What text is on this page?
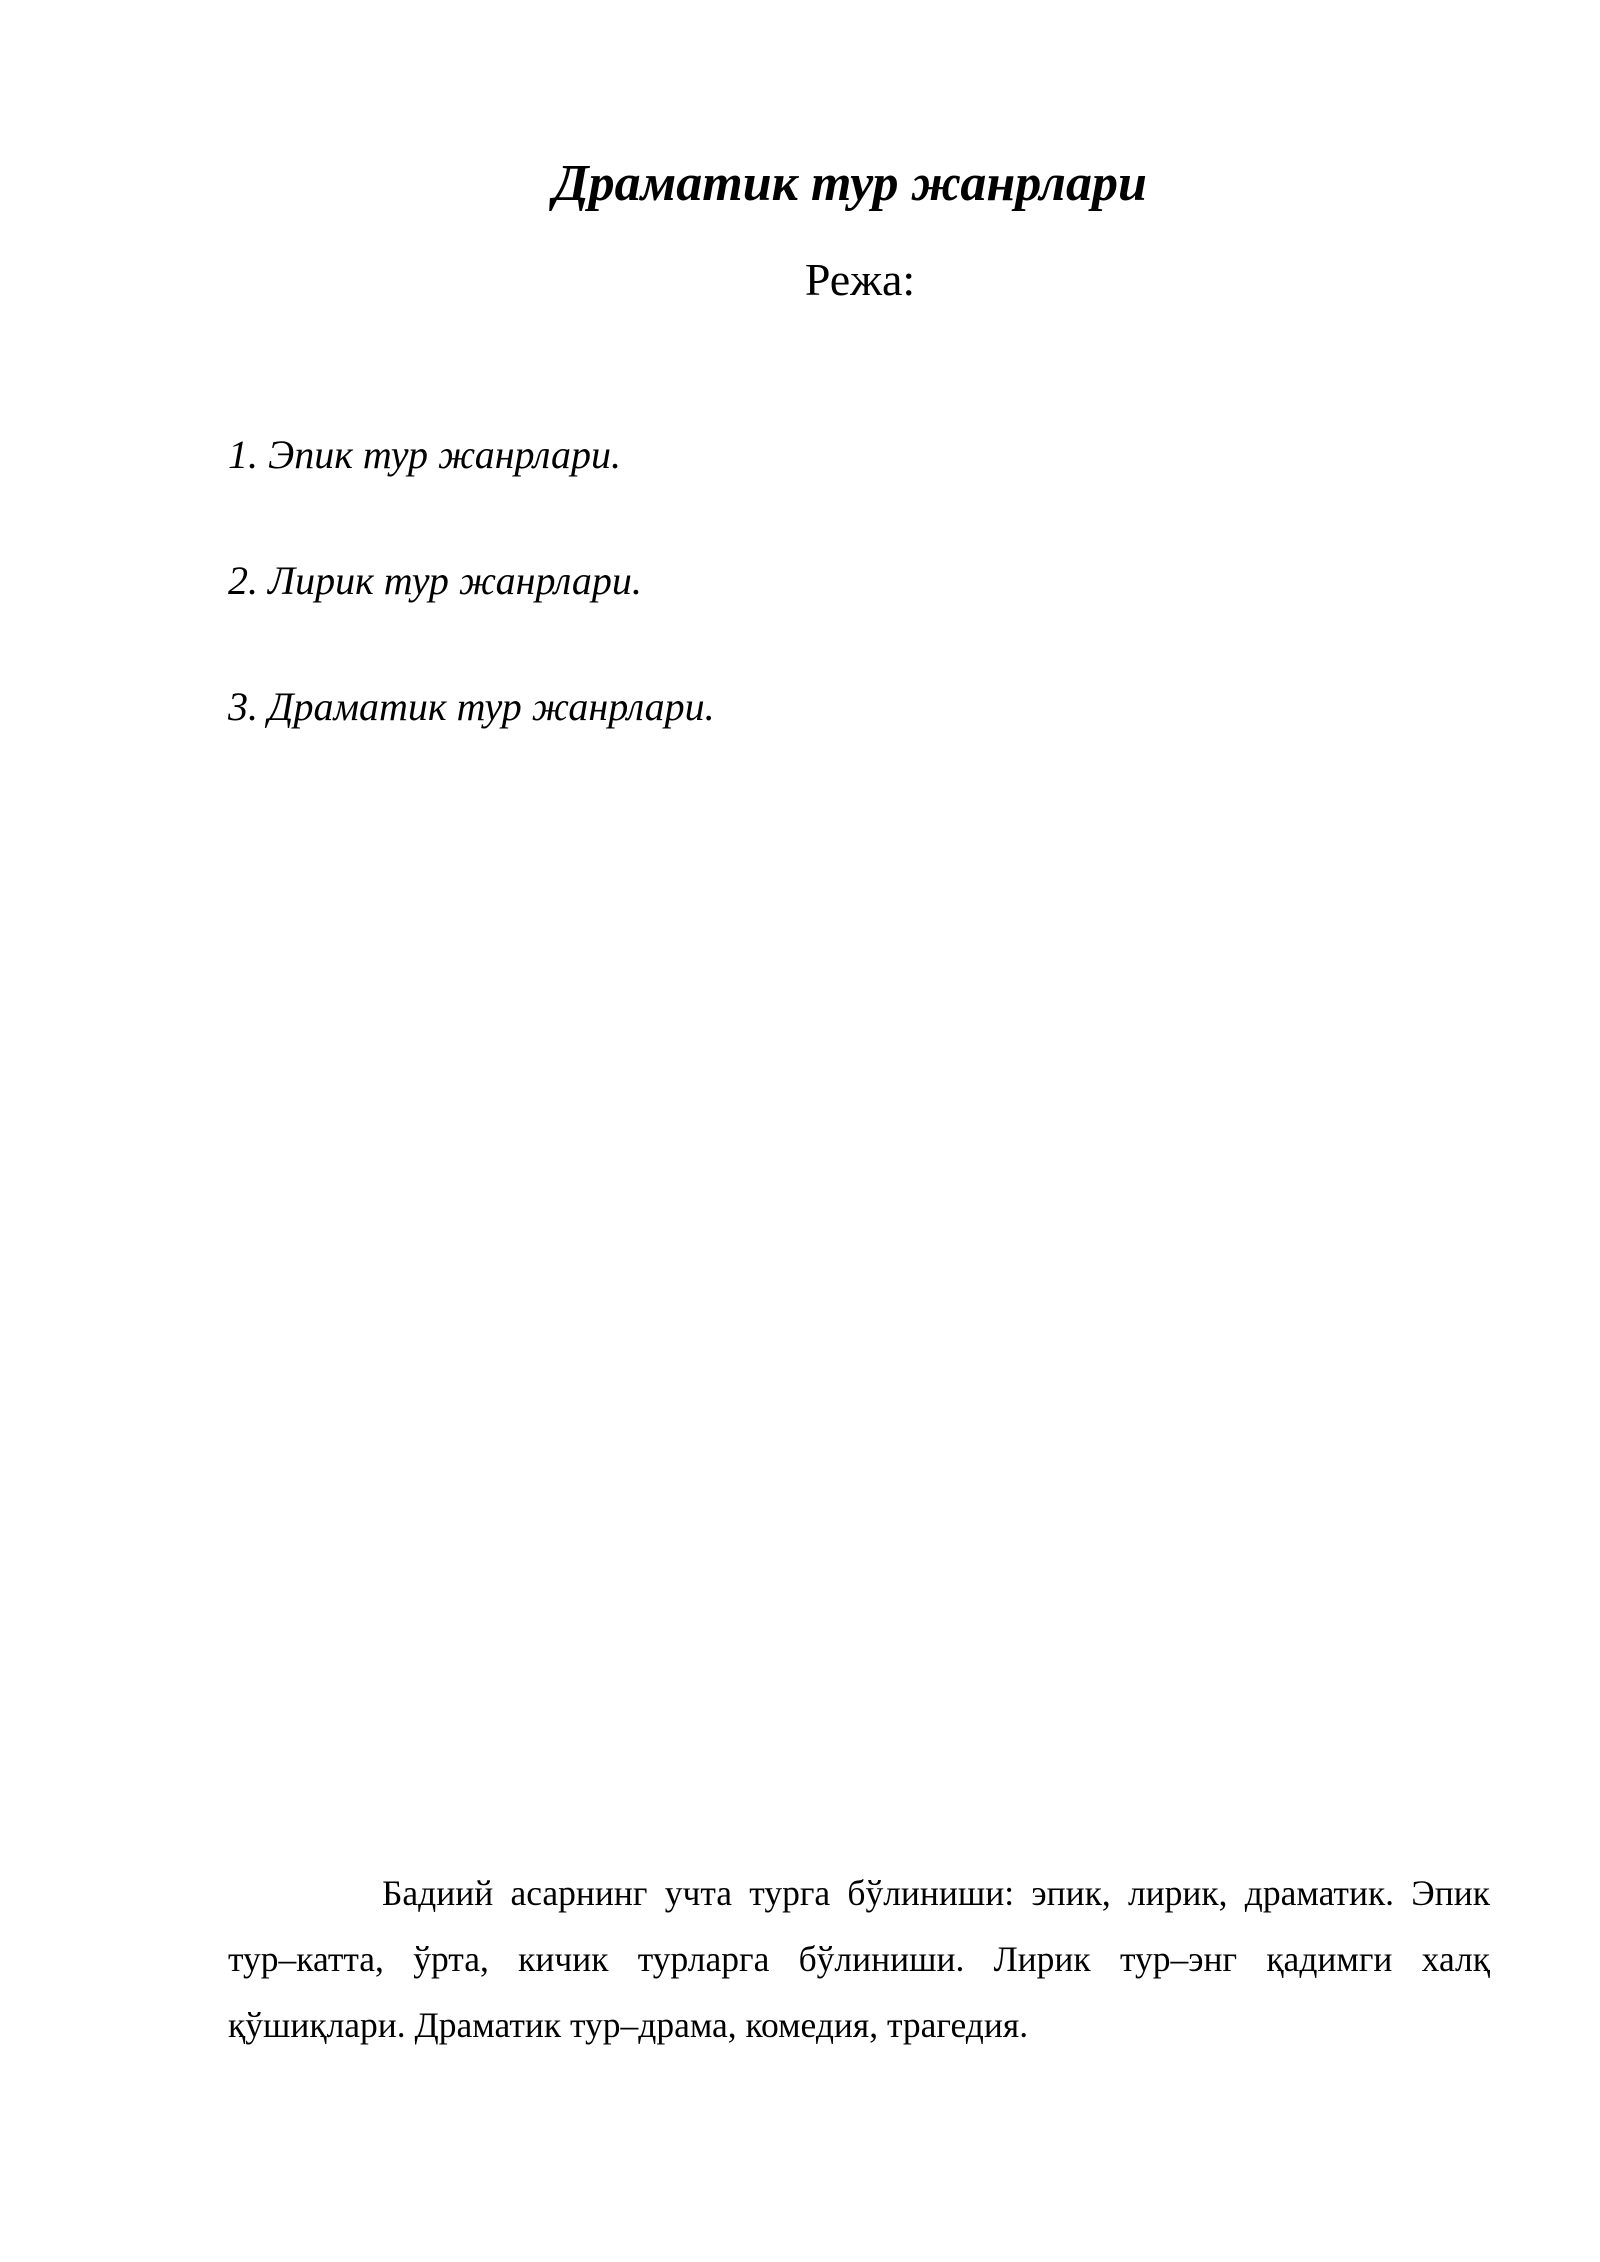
Драматик тур жанрлари
Режа:
1. Эпик тур жанрлари.
2. Лирик тур жанрлари.
3. Драматик тур жанрлари.

Бадиий асарнинг учта турга бўлиниши: эпик, лирик, драматик. Эпик тур–катта, ўрта, кичик турларга бўлиниши. Лирик тур–энг қадимги халқ қўшиқлари. Драматик тур–драма, комедия, трагедия.
